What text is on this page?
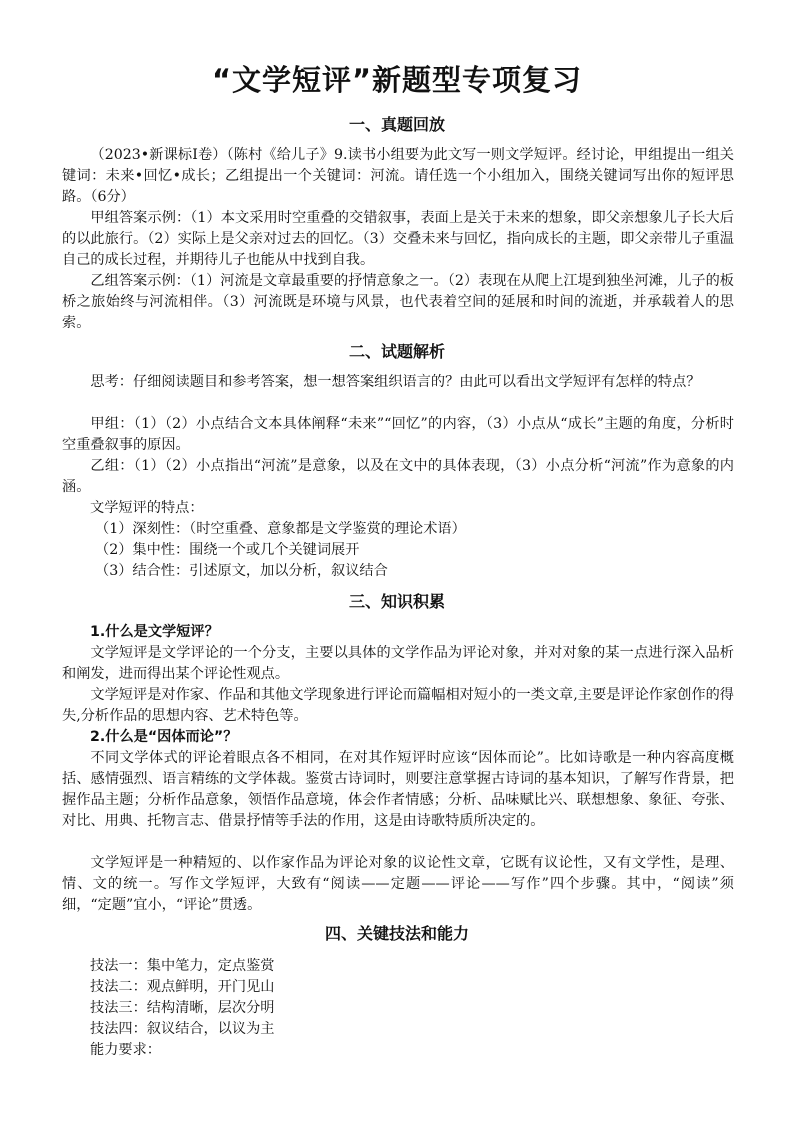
“文学短评”新题型专项复习
一、真题回放
（2023•新课标Ⅰ卷）（陈村《给儿子》9.读书小组要为此文写一则文学短评。经讨论，甲组提出一组关键词：未来•回忆•成长；乙组提出一个关键词：河流。请任选一个小组加入，围绕关键词写出你的短评思路。（6分）
甲组答案示例：（1）本文采用时空重叠的交错叙事，表面上是关于未来的想象，即父亲想象儿子长大后的以此旅行。（2）实际上是父亲对过去的回忆。（3）交叠未来与回忆，指向成长的主题，即父亲带儿子重温自己的成长过程，并期待儿子也能从中找到自我。
乙组答案示例：（1）河流是文章最重要的抒情意象之一。（2）表现在从爬上江堤到独坐河滩，儿子的板桥之旅始终与河流相伴。（3）河流既是环境与风景，也代表着空间的延展和时间的流逝，并承载着人的思索。
二、试题解析
思考：仔细阅读题目和参考答案，想一想答案组织语言的？由此可以看出文学短评有怎样的特点？
甲组：（1）（2）小点结合文本具体阐释“未来”“回忆”的内容，（3）小点从“成长”主题的角度，分析时空重叠叙事的原因。
乙组：（1）（2）小点指出“河流”是意象，以及在文中的具体表现，（3）小点分析“河流”作为意象的内涵。
文学短评的特点：
（1）深刻性：（时空重叠、意象都是文学鉴赏的理论术语）
（2）集中性：围绕一个或几个关键词展开
（3）结合性：引述原文，加以分析，叙议结合
三、知识积累
1.什么是文学短评？
文学短评是文学评论的一个分支，主要以具体的文学作品为评论对象，并对对象的某一点进行深入品析和阐发，进而得出某个评论性观点。
文学短评是对作家、作品和其他文学现象进行评论而篇幅相对短小的一类文章,主要是评论作家创作的得失,分析作品的思想内容、艺术特色等。
2.什么是“因体而论”？
不同文学体式的评论着眼点各不相同，在对其作短评时应该“因体而论”。比如诗歌是一种内容高度概括、感情强烈、语言精练的文学体裁。鉴赏古诗词时，则要注意掌握古诗词的基本知识，了解写作背景，把握作品主题；分析作品意象，领悟作品意境，体会作者情感；分析、品味赋比兴、联想想象、象征、夸张、对比、用典、托物言志、借景抒情等手法的作用，这是由诗歌特质所决定的。
文学短评是一种精短的、以作家作品为评论对象的议论性文章，它既有议论性，又有文学性，是理、情、文的统一。写作文学短评，大致有“阅读——定题——评论——写作”四个步骤。其中，“阅读”须细，“定题”宜小，“评论”贯透。
四、关键技法和能力
技法一：集中笔力，定点鉴赏
技法二：观点鲜明，开门见山
技法三：结构清晰，层次分明
技法四：叙议结合，以议为主
能力要求：
